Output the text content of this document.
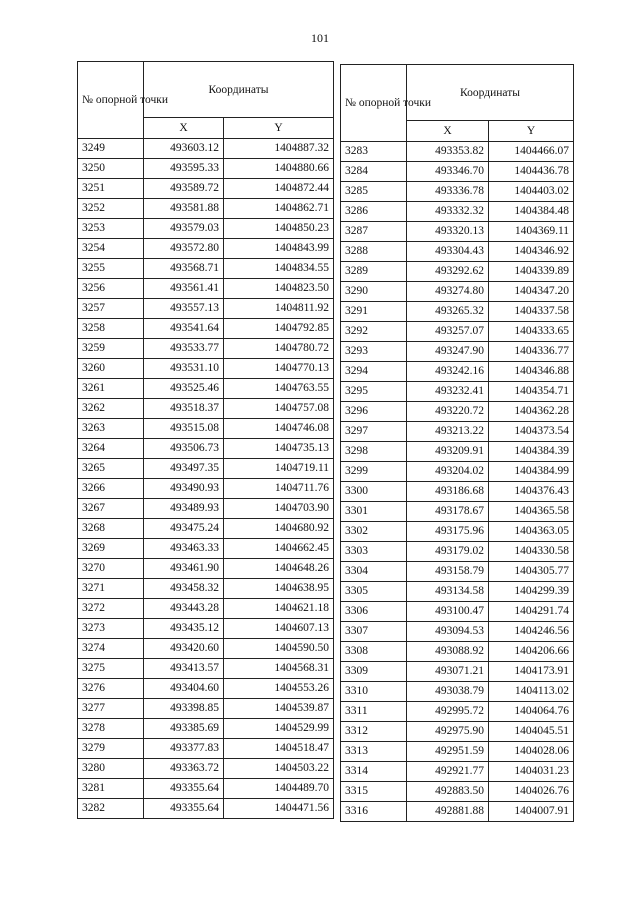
101
№ опорной точки	Координаты	
	X	Y
3249	493603.12	1404887.32
3250	493595.33	1404880.66
3251	493589.72	1404872.44
3252	493581.88	1404862.71
3253	493579.03	1404850.23
3254	493572.80	1404843.99
3255	493568.71	1404834.55
3256	493561.41	1404823.50
3257	493557.13	1404811.92
3258	493541.64	1404792.85
3259	493533.77	1404780.72
3260	493531.10	1404770.13
3261	493525.46	1404763.55
3262	493518.37	1404757.08
3263	493515.08	1404746.08
3264	493506.73	1404735.13
3265	493497.35	1404719.11
3266	493490.93	1404711.76
3267	493489.93	1404703.90
3268	493475.24	1404680.92
3269	493463.33	1404662.45
3270	493461.90	1404648.26
3271	493458.32	1404638.95
3272	493443.28	1404621.18
3273	493435.12	1404607.13
3274	493420.60	1404590.50
3275	493413.57	1404568.31
3276	493404.60	1404553.26
3277	493398.85	1404539.87
3278	493385.69	1404529.99
3279	493377.83	1404518.47
3280	493363.72	1404503.22
3281	493355.64	1404489.70
3282	493355.64	1404471.56
№ опорной точки	Координаты	
	X	Y
3283	493353.82	1404466.07
3284	493346.70	1404436.78
3285	493336.78	1404403.02
3286	493332.32	1404384.48
3287	493320.13	1404369.11
3288	493304.43	1404346.92
3289	493292.62	1404339.89
3290	493274.80	1404347.20
3291	493265.32	1404337.58
3292	493257.07	1404333.65
3293	493247.90	1404336.77
3294	493242.16	1404346.88
3295	493232.41	1404354.71
3296	493220.72	1404362.28
3297	493213.22	1404373.54
3298	493209.91	1404384.39
3299	493204.02	1404384.99
3300	493186.68	1404376.43
3301	493178.67	1404365.58
3302	493175.96	1404363.05
3303	493179.02	1404330.58
3304	493158.79	1404305.77
3305	493134.58	1404299.39
3306	493100.47	1404291.74
3307	493094.53	1404246.56
3308	493088.92	1404206.66
3309	493071.21	1404173.91
3310	493038.79	1404113.02
3311	492995.72	1404064.76
3312	492975.90	1404045.51
3313	492951.59	1404028.06
3314	492921.77	1404031.23
3315	492883.50	1404026.76
3316	492881.88	1404007.91
